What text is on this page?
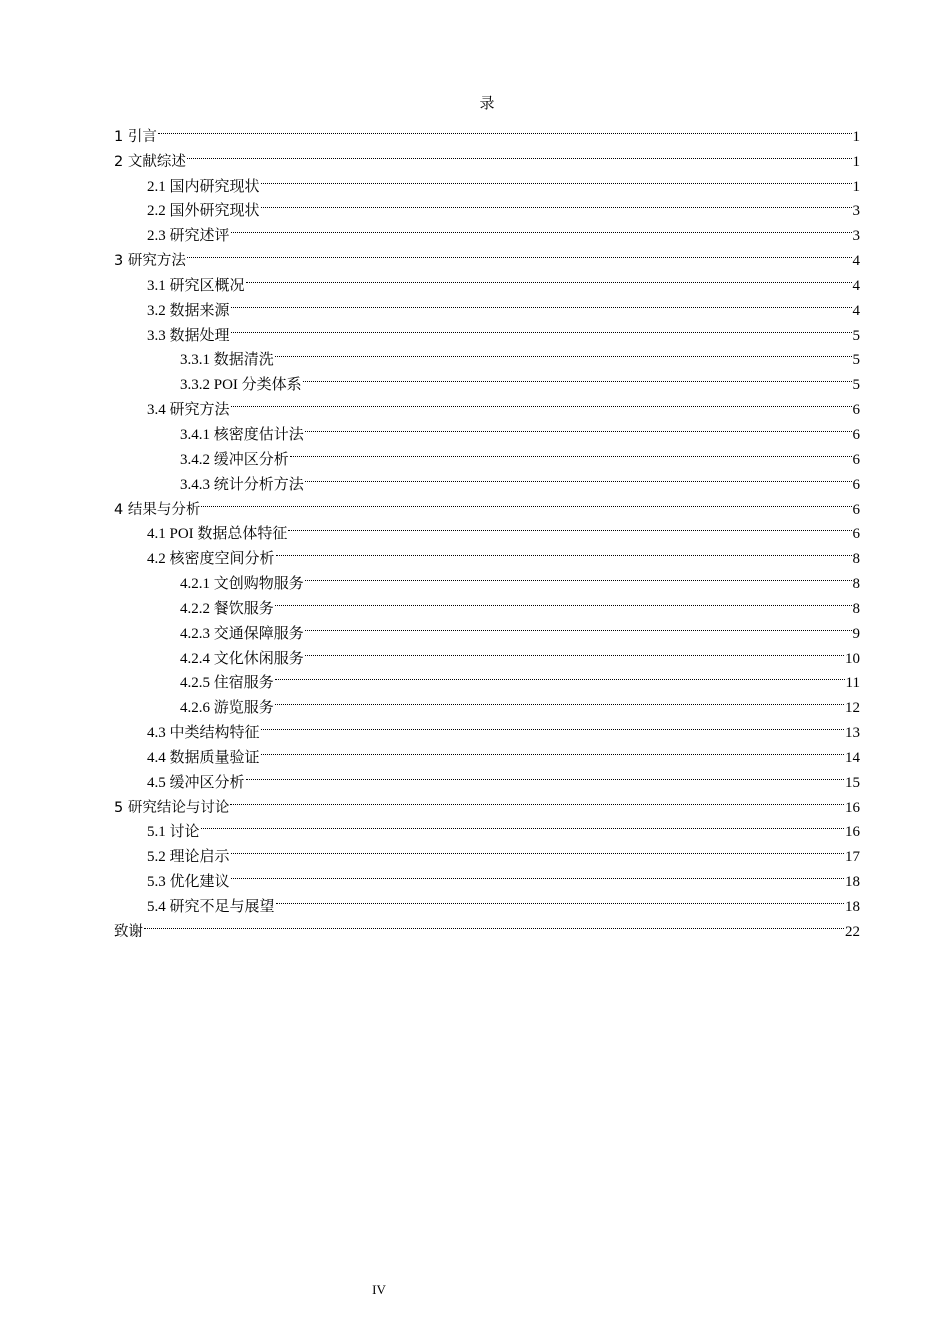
录
1 引言	1
2 文献综述	1
2.1 国内研究现状	1
2.2 国外研究现状	3
2.3 研究述评	3
3 研究方法	4
3.1 研究区概况	4
3.2 数据来源	4
3.3 数据处理	5
3.3.1 数据清洗	5
3.3.2 POI 分类体系	5
3.4 研究方法	6
3.4.1 核密度估计法	6
3.4.2 缓冲区分析	6
3.4.3 统计分析方法	6
4 结果与分析	6
4.1 POI 数据总体特征	6
4.2 核密度空间分析	8
4.2.1 文创购物服务	8
4.2.2 餐饮服务	8
4.2.3 交通保障服务	9
4.2.4 文化休闲服务	10
4.2.5 住宿服务	11
4.2.6 游览服务	12
4.3 中类结构特征	13
4.4 数据质量验证	14
4.5 缓冲区分析	15
5 研究结论与讨论	16
5.1 讨论	16
5.2 理论启示	17
5.3 优化建议	18
5.4 研究不足与展望	18
致谢	22
IV
